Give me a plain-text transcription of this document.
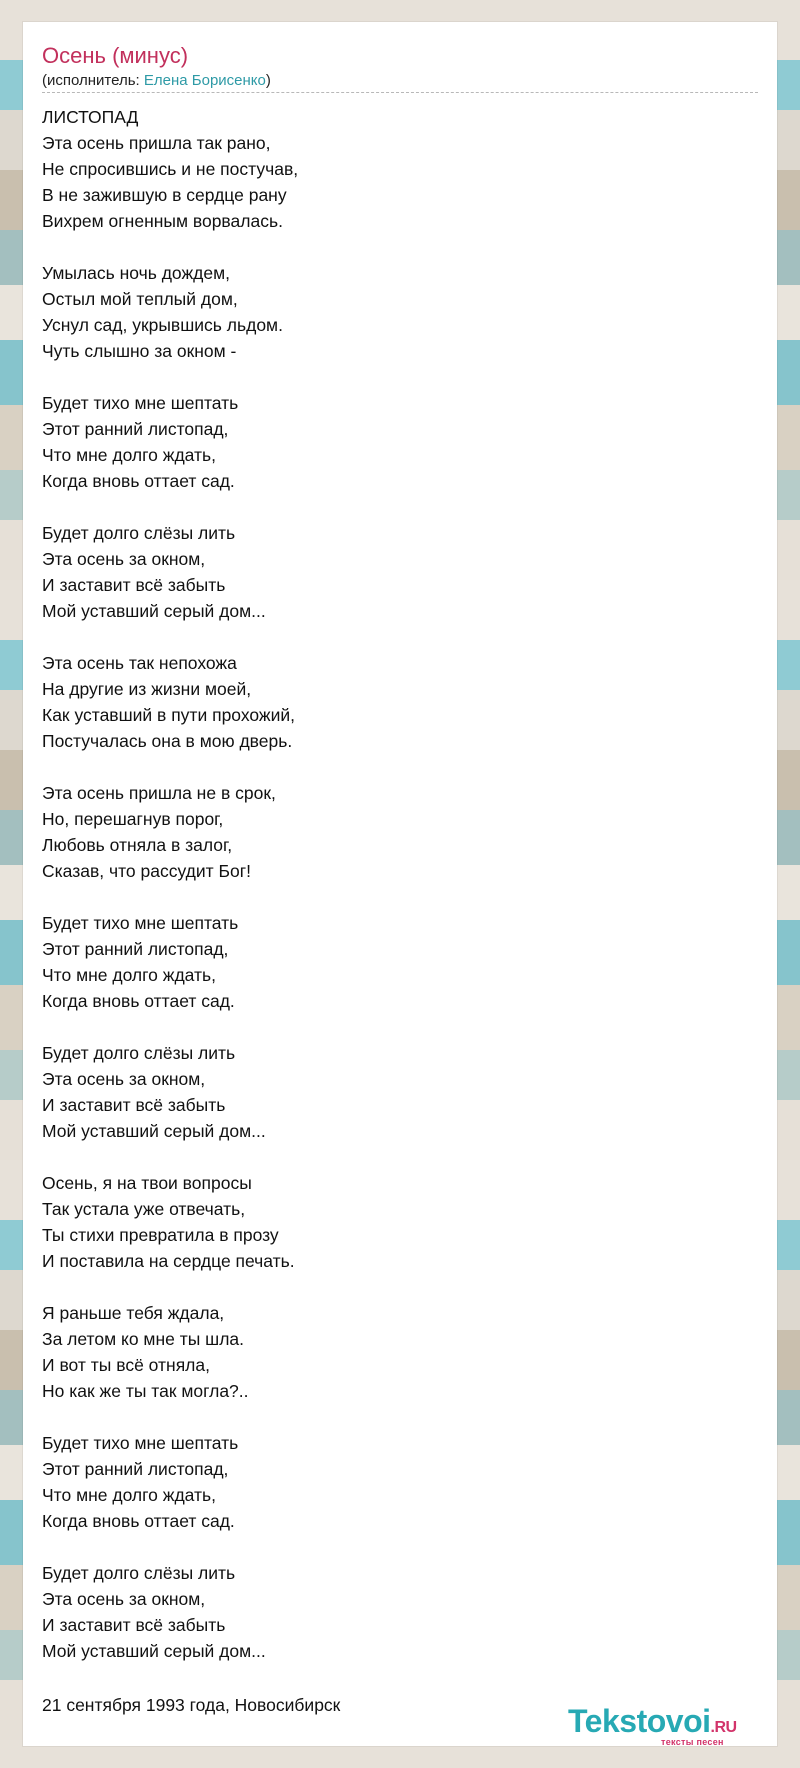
Осень (минус)
(исполнитель: Елена Борисенко)
ЛИСТОПАД
Эта осень пришла так рано,
Не спросившись и не постучав,
В не зажившую в сердце рану
Вихрем огненным ворвалась.
Умылась ночь дождем,
Остыл мой теплый дом,
Уснул сад, укрывшись льдом.
Чуть слышно за окном -
Будет тихо мне шептать
Этот ранний листопад,
Что мне долго ждать,
Когда вновь оттает сад.
Будет долго слёзы лить
Эта осень за окном,
И заставит всё забыть
Мой уставший серый дом...
Эта осень так непохожа
На другие из жизни моей,
Как уставший в пути прохожий,
Постучалась она в мою дверь.
Эта осень пришла не в срок,
Но, перешагнув порог,
Любовь отняла в залог,
Сказав, что рассудит Бог!
Будет тихо мне шептать
Этот ранний листопад,
Что мне долго ждать,
Когда вновь оттает сад.
Будет долго слёзы лить
Эта осень за окном,
И заставит всё забыть
Мой уставший серый дом...
Осень, я на твои вопросы
Так устала уже отвечать,
Ты стихи превратила в прозу
И поставила на сердце печать.
Я раньше тебя ждала,
За летом ко мне ты шла.
И вот ты всё отняла,
Но как же ты так могла?..
Будет тихо мне шептать
Этот ранний листопад,
Что мне долго ждать,
Когда вновь оттает сад.
Будет долго слёзы лить
Эта осень за окном,
И заставит всё забыть
Мой уставший серый дом...
21 сентября 1993 года, Новосибирск	Tekstovoi.RU
тексты песен
